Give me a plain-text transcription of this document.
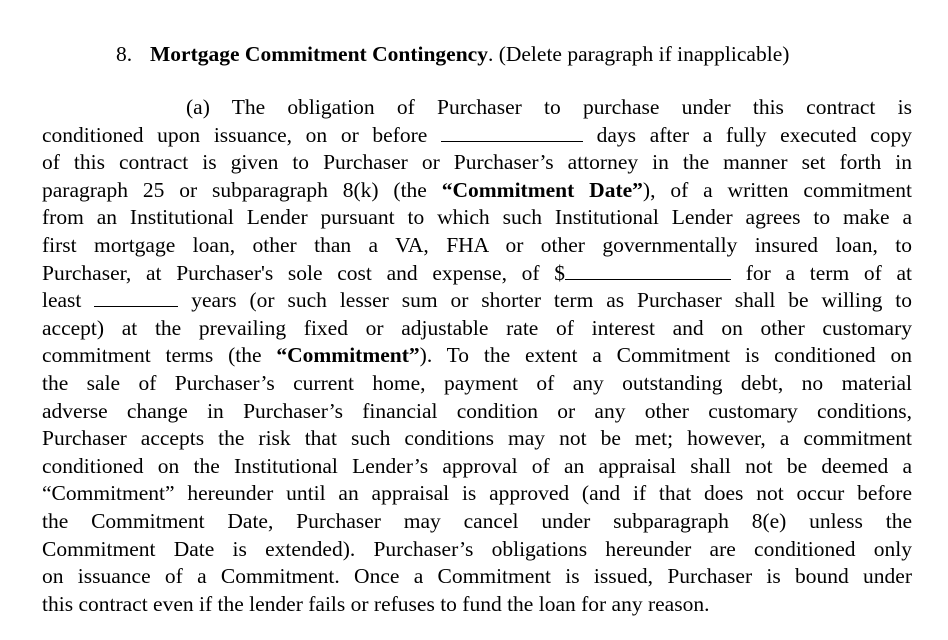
8. Mortgage Commitment Contingency. (Delete paragraph if inapplicable)
(a) The obligation of Purchaser to purchase under this contract is
conditioned upon issuance, on or before	days after a fully executed copy
of this contract is given to Purchaser or Purchaser’s attorney in the manner set forth in
paragraph 25 or subparagraph 8(k) (the “Commitment Date”), of a written commitment
from an Institutional Lender pursuant to which such Institutional Lender agrees to make a
first mortgage loan, other than a VA, FHA or other governmentally insured loan, to
Purchaser, at Purchaser's sole cost and expense, of $	for a term of at
least	years (or such lesser sum or shorter term as Purchaser shall be willing to
accept) at the prevailing fixed or adjustable rate of interest and on other customary
commitment terms (the “Commitment”). To the extent a Commitment is conditioned on
the sale of Purchaser’s current home, payment of any outstanding debt, no material
adverse change in Purchaser’s financial condition or any other customary conditions,
Purchaser accepts the risk that such conditions may not be met; however, a commitment
conditioned on the Institutional Lender’s approval of an appraisal shall not be deemed a
“Commitment” hereunder until an appraisal is approved (and if that does not occur before
the Commitment Date, Purchaser may cancel under subparagraph 8(e) unless the
Commitment Date is extended). Purchaser’s obligations hereunder are conditioned only
on issuance of a Commitment. Once a Commitment is issued, Purchaser is bound under
this contract even if the lender fails or refuses to fund the loan for any reason.
